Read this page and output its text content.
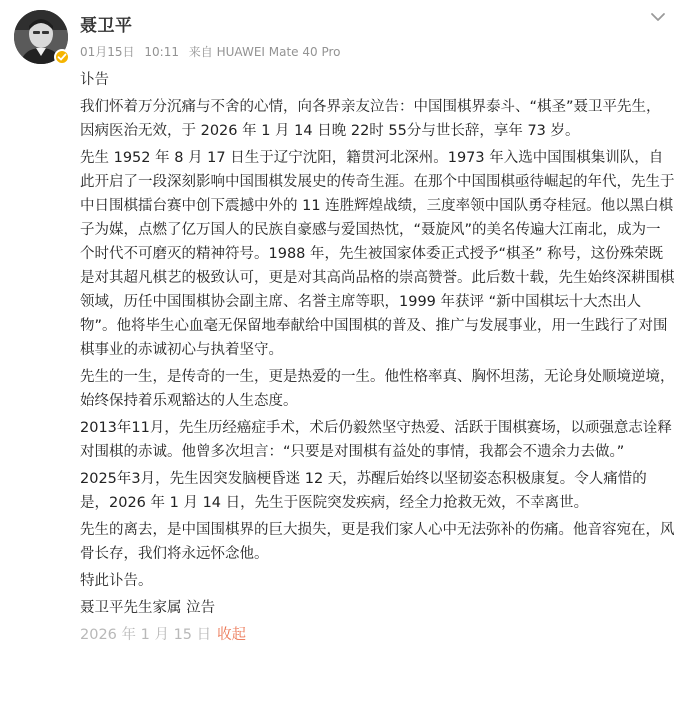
聂卫平
01月15日 10:11 来自 HUAWEI Mate 40 Pro

讣告

我们怀着万分沉痛与不舍的心情，向各界亲友泣告：中国围棋界泰斗、“棋圣”聂卫平先生，因病医治无效，于 2026 年 1 月 14 日晚 22时 55分与世长辞，享年 73 岁。

先生 1952 年 8 月 17 日生于辽宁沈阳，籍贯河北深州。1973 年入选中国围棋集训队，自此开启了一段深刻影响中国围棋发展史的传奇生涯。在那个中国围棋亟待崛起的年代，先生于中日围棋擂台赛中创下震撼中外的 11 连胜辉煌战绩，三度率领中国队勇夺桂冠。他以黑白棋子为媒，点燃了亿万国人的民族自豪感与爱国热忱，“聂旋风”的美名传遍大江南北，成为一个时代不可磨灭的精神符号。1988 年，先生被国家体委正式授予“棋圣” 称号，这份殊荣既是对其超凡棋艺的极致认可，更是对其高尚品格的崇高赞誉。此后数十载，先生始终深耕围棋领域，历任中国围棋协会副主席、名誉主席等职，1999 年获评 “新中国棋坛十大杰出人物”。他将毕生心血毫无保留地奉献给中国围棋的普及、推广与发展事业，用一生践行了对围棋事业的赤诚初心与执着坚守。

先生的一生，是传奇的一生，更是热爱的一生。他性格率真、胸怀坦荡，无论身处顺境逆境，始终保持着乐观豁达的人生态度。

2013年11月，先生历经癌症手术，术后仍毅然坚守热爱、活跃于围棋赛场，以顽强意志诠释对围棋的赤诚。他曾多次坦言：“只要是对围棋有益处的事情，我都会不遗余力去做。”

2025年3月，先生因突发脑梗昏迷 12 天，苏醒后始终以坚韧姿态积极康复。令人痛惜的是，2026 年 1 月 14 日，先生于医院突发疾病，经全力抢救无效，不幸离世。

先生的离去，是中国围棋界的巨大损失，更是我们家人心中无法弥补的伤痛。他音容宛在，风骨长存，我们将永远怀念他。

特此讣告。

聂卫平先生家属 泣告

2026 年 1 月 15 日 收起
